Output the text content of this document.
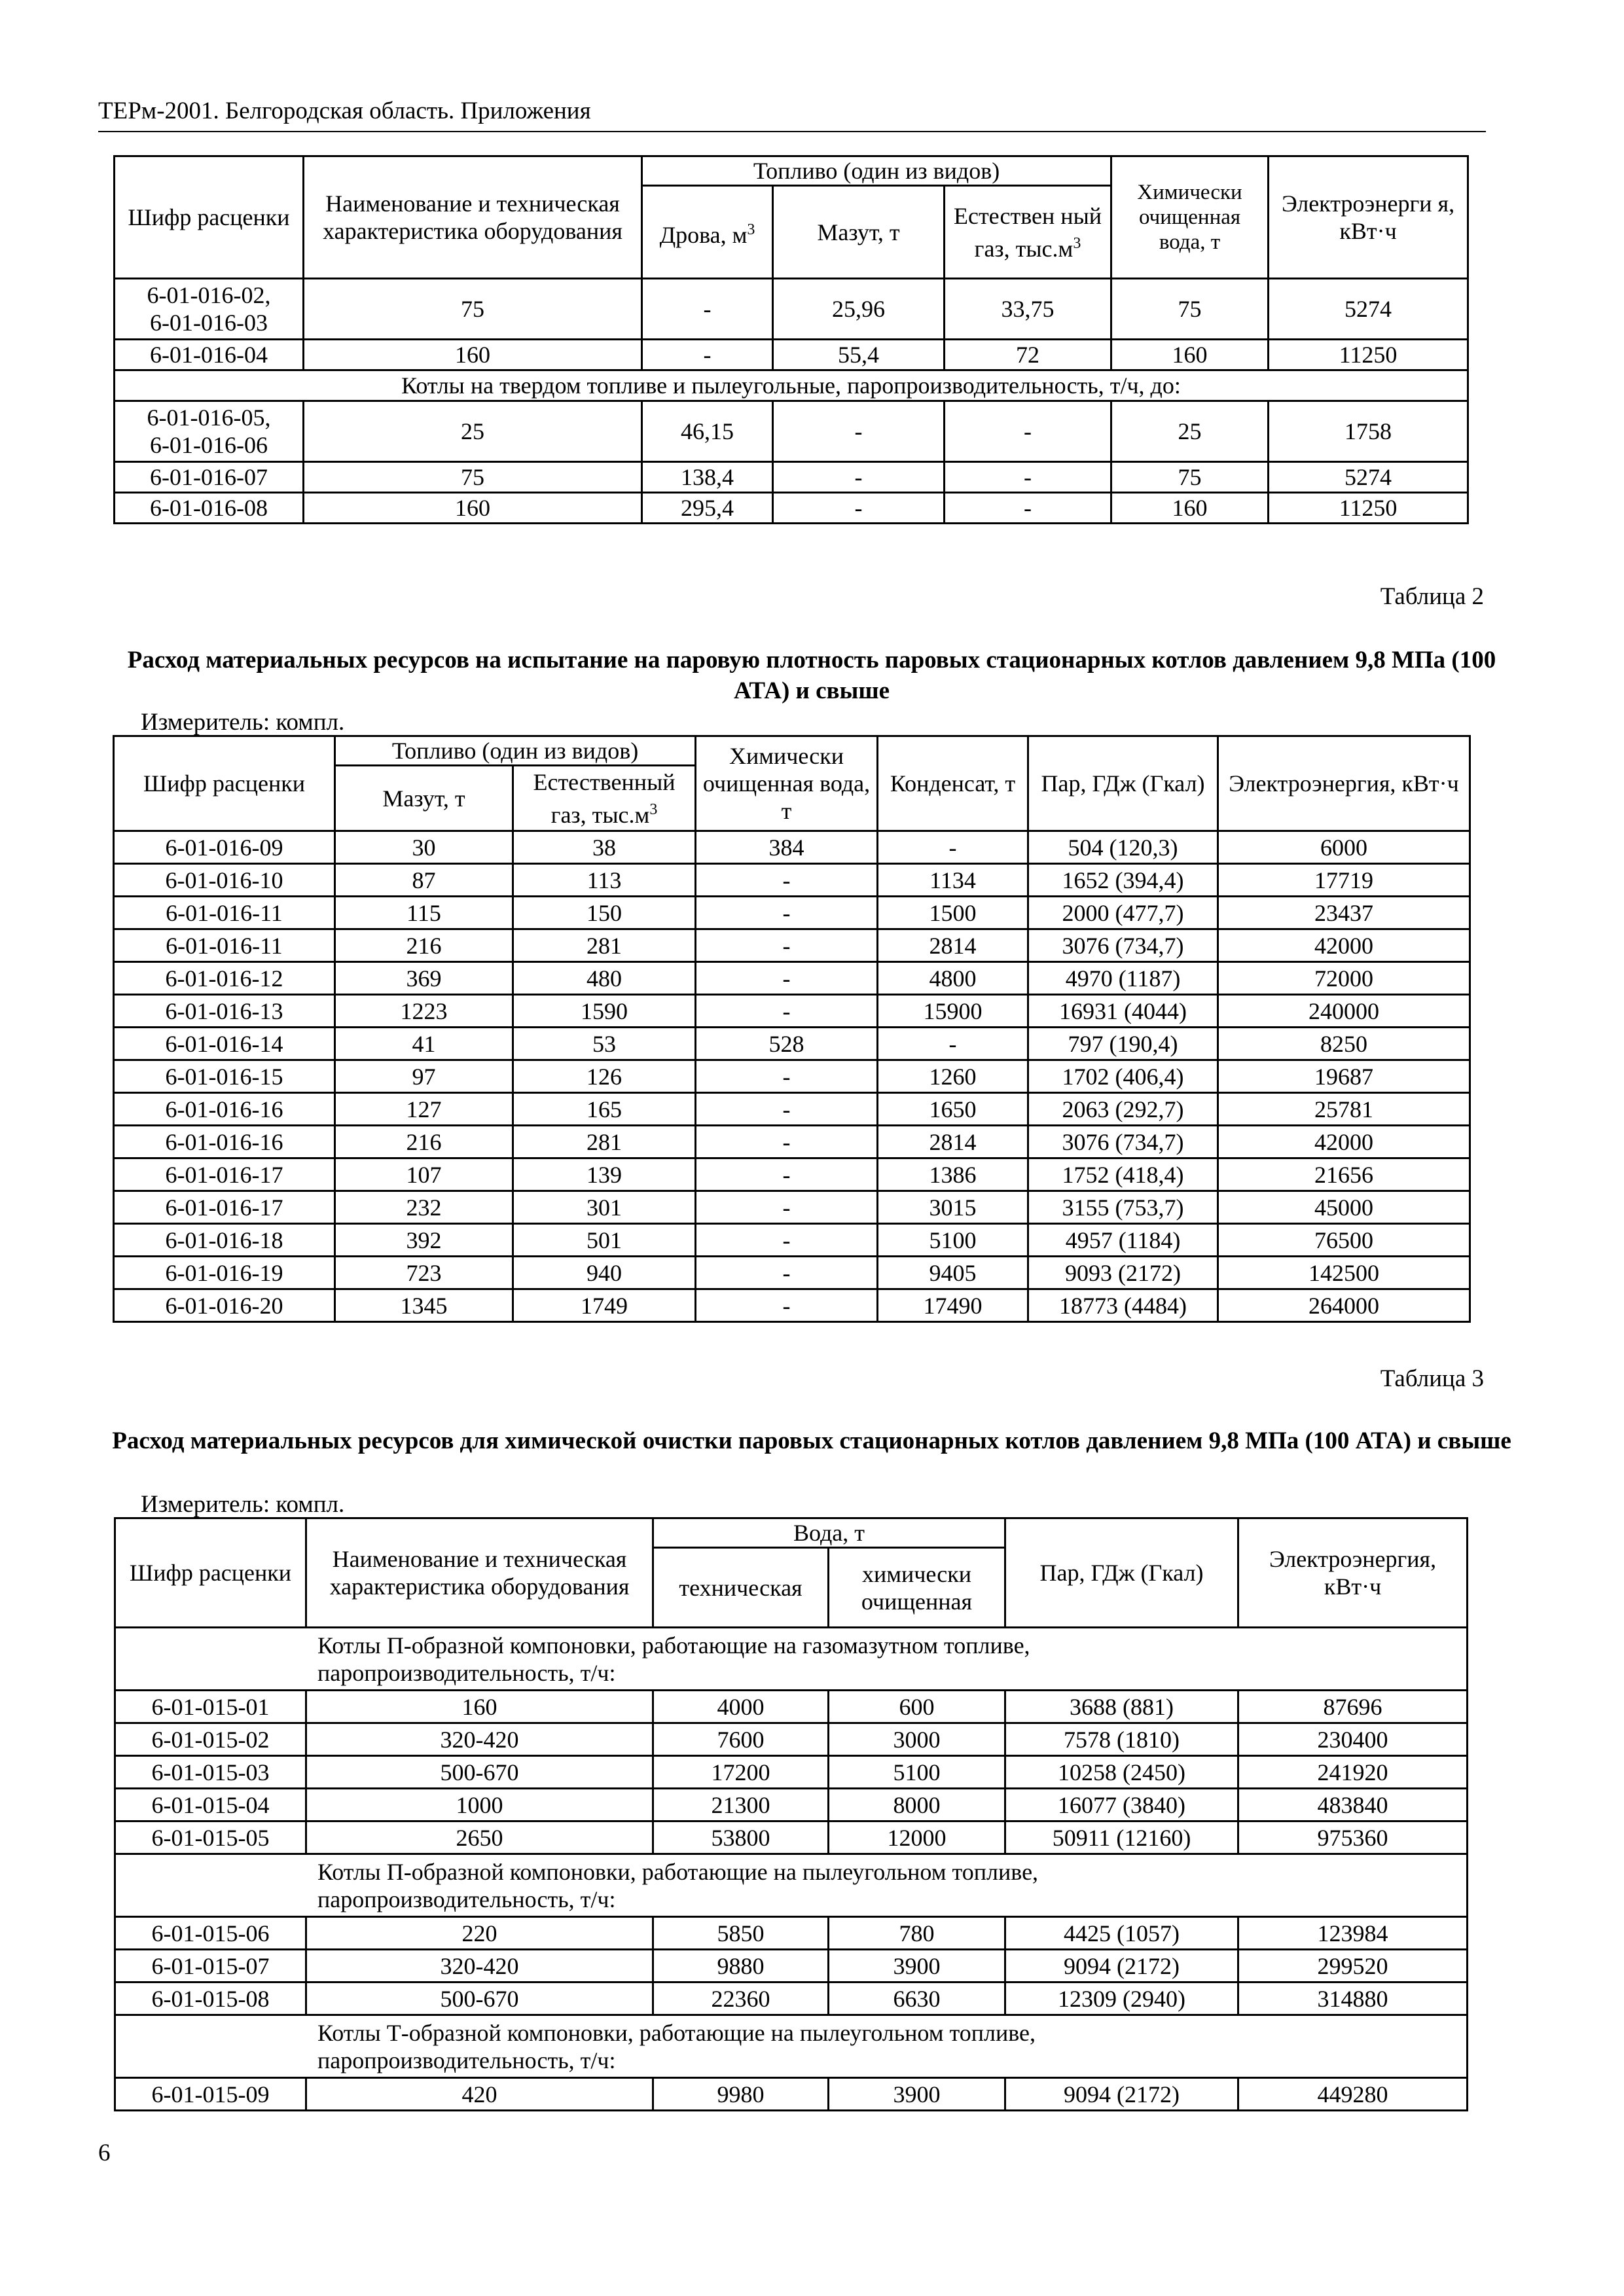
ТЕРм-2001. Белгородская область. Приложения
Шифр расценки	Наименование и техническая характеристика оборудования	Топливо (один из видов)			Химически очищенная вода, т	Электроэнерги я, кВт·ч
		Дрова, $м^3$	Мазут, т	Естествен ный газ, $тыс.м^3$
6-01-016-02,
6-01-016-03	75	-	25,96	33,75	75	5274
6-01-016-04	160	-	55,4	72	160	11250
Котлы на твердом топливе и пылеугольные, паропроизводительность, т/ч, до:						
6-01-016-05,
6-01-016-06	25	46,15	-	-	25	1758
6-01-016-07	75	138,4	-	-	75	5274
6-01-016-08	160	295,4	-	-	160	11250
Таблица 2
Расход материальных ресурсов на испытание на паровую плотность паровых стационарных котлов давлением 9,8 МПа (100 АТА) и свыше
Измеритель: компл.
Шифр расценки	Топливо (один из видов)		Химически очищенная вода, т	Конденсат, т	Пар, ГДж (Гкал)	Электроэнергия, кВт·ч
	Мазут, т	Естественный газ, $тыс.м^3$
6-01-016-09	30	38	384	-	504 (120,3)	6000
6-01-016-10	87	113	-	1134	1652 (394,4)	17719
6-01-016-11	115	150	-	1500	2000 (477,7)	23437
6-01-016-11	216	281	-	2814	3076 (734,7)	42000
6-01-016-12	369	480	-	4800	4970 (1187)	72000
6-01-016-13	1223	1590	-	15900	16931 (4044)	240000
6-01-016-14	41	53	528	-	797 (190,4)	8250
6-01-016-15	97	126	-	1260	1702 (406,4)	19687
6-01-016-16	127	165	-	1650	2063 (292,7)	25781
6-01-016-16	216	281	-	2814	3076 (734,7)	42000
6-01-016-17	107	139	-	1386	1752 (418,4)	21656
6-01-016-17	232	301	-	3015	3155 (753,7)	45000
6-01-016-18	392	501	-	5100	4957 (1184)	76500
6-01-016-19	723	940	-	9405	9093 (2172)	142500
6-01-016-20	1345	1749	-	17490	18773 (4484)	264000
Таблица 3
Расход материальных ресурсов для химической очистки паровых стационарных котлов давлением 9,8 МПа (100 АТА) и свыше
Измеритель: компл.
Шифр расценки	Наименование и техническая характеристика оборудования	Вода, т		Пар, ГДж (Гкал)	Электроэнергия, кВт·ч
		техническая	химически очищенная		

Котлы П-образной компоновки, работающие на газомазутном топливе,
паропроизводительность, т/ч:					

6-01-015-01	160	4000	600	3688 (881)	87696
6-01-015-02	320-420	7600	3000	7578 (1810)	230400
6-01-015-03	500-670	17200	5100	10258 (2450)	241920
6-01-015-04	1000	21300	8000	16077 (3840)	483840
6-01-015-05	2650	53800	12000	50911 (12160)	975360

Котлы П-образной компоновки, работающие на пылеугольном топливе,
паропроизводительность, т/ч:					

6-01-015-06	220	5850	780	4425 (1057)	123984
6-01-015-07	320-420	9880	3900	9094 (2172)	299520
6-01-015-08	500-670	22360	6630	12309 (2940)	314880

Котлы Т-образной компоновки, работающие на пылеугольном топливе,
паропроизводительность, т/ч:					

6-01-015-09	420	9980	3900	9094 (2172)	449280
6
